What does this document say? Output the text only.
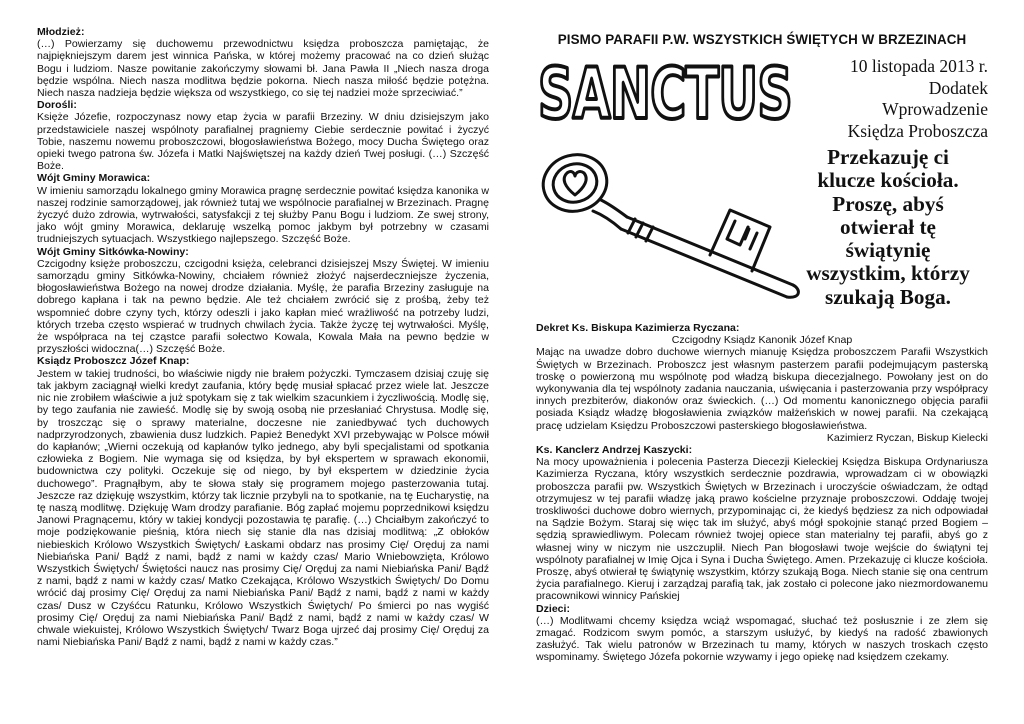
Młodzież:

(…) Powierzamy się duchowemu przewodnictwu księdza proboszcza pamiętając, że najpiękniejszym darem jest winnica Pańska, w której możemy pracować na co dzień służąc Bogu i ludziom. Nasze powitanie zakończymy słowami bł. Jana Pawła II „Niech nasza droga będzie wspólna. Niech nasza modlitwa będzie pokorna. Niech nasza miłość będzie potężna. Niech nasza nadzieja będzie większa od wszystkiego, co się tej nadziei może sprzeciwiać.”

Dorośli:

Księże Józefie, rozpoczynasz nowy etap życia w parafii Brzeziny. W dniu dzisiejszym jako przedstawiciele naszej wspólnoty parafialnej pragniemy Ciebie serdecznie powitać i życzyć Tobie, naszemu nowemu proboszczowi, błogosławieństwa Bożego, mocy Ducha Świętego oraz opieki twego patrona św. Józefa i Matki Najświętszej na każdy dzień Twej posługi. (…) Szczęść Boże.

Wójt Gminy Morawica:

W imieniu samorządu lokalnego gminy Morawica pragnę serdecznie powitać księdza kanonika w naszej rodzinie samorządowej, jak również tutaj we wspólnocie parafialnej w Brzezinach. Pragnę życzyć dużo zdrowia, wytrwałości, satysfakcji z tej służby Panu Bogu i ludziom. Ze swej strony, jako wójt gminy Morawica, deklaruję wszelką pomoc jakbym był potrzebny w czasami trudniejszych sytuacjach. Wszystkiego najlepszego. Szczęść Boże.

Wójt Gminy Sitkówka-Nowiny:

Czcigodny księże proboszczu, czcigodni księża, celebranci dzisiejszej Mszy Świętej. W imieniu samorządu gminy Sitkówka-Nowiny, chciałem również złożyć najserdeczniejsze życzenia, błogosławieństwa Bożego na nowej drodze działania. Myślę, że parafia Brzeziny zasługuje na dobrego kapłana i tak na pewno będzie. Ale też chciałem zwrócić się z prośbą, żeby też wspomnieć dobre czyny tych, którzy odeszli i jako kapłan mieć wrażliwość na potrzeby ludzi, których trzeba często wspierać w trudnych chwilach życia. Także życzę tej wytrwałości. Myślę, że współpraca na tej cząstce parafii sołectwo Kowala, Kowala Mała na pewno będzie w przyszłości widoczna(…) Szczęść Boże.

Ksiądz Proboszcz Józef Knap:

Jestem w takiej trudności, bo właściwie nigdy nie brałem pożyczki. Tymczasem dzisiaj czuję się tak jakbym zaciągnął wielki kredyt zaufania, który będę musiał spłacać przez wiele lat. Jeszcze nic nie zrobiłem właściwie a już spotykam się z tak wielkim szacunkiem i życzliwością. Modlę się, by tego zaufania nie zawieść. Modlę się by swoją osobą nie przesłaniać Chrystusa. Modlę się, by troszcząc się o sprawy materialne, doczesne nie zaniedbywać tych duchowych nadprzyrodzonych, zbawienia dusz ludzkich. Papież Benedykt XVI przebywając w Polsce mówił do kapłanów; „Wierni oczekują od kapłanów tylko jednego, aby byli specjalistami od spotkania człowieka z Bogiem. Nie wymaga się od księdza, by był ekspertem w sprawach ekonomii, budownictwa czy polityki. Oczekuje się od niego, by był ekspertem w dziedzinie życia duchowego”. Pragnąłbym, aby te słowa stały się programem mojego pasterzowania tutaj. Jeszcze raz dziękuję wszystkim, którzy tak licznie przybyli na to spotkanie, na tę Eucharystię, na tę naszą modlitwę. Dziękuję Wam drodzy parafianie. Bóg zapłać mojemu poprzednikowi księdzu Janowi Pragnącemu, który w takiej kondycji pozostawia tę parafię. (…) Chciałbym zakończyć to moje podziękowanie pieśnią, która niech się stanie dla nas dzisiaj modlitwą: „Z obłoków niebieskich Królowo Wszystkich Świętych/ Łaskami obdarz nas prosimy Cię/ Oręduj za nami Niebiańska Pani/ Bądź z nami, bądź z nami w każdy czas/ Mario Wniebowzięta, Królowo Wszystkich Świętych/ Świętości naucz nas prosimy Cię/ Oręduj za nami Niebiańska Pani/ Bądź z nami, bądź z nami w każdy czas/ Matko Czekająca, Królowo Wszystkich Świętych/ Do Domu wrócić daj prosimy Cię/ Oręduj za nami Niebiańska Pani/ Bądź z nami, bądź z nami w każdy czas/ Dusz w Czyśćcu Ratunku, Królowo Wszystkich Świętych/ Po śmierci po nas wygiść prosimy Cię/ Oręduj za nami Niebiańska Pani/ Bądź z nami, bądź z nami w każdy czas/ W chwale wiekuistej, Królowo Wszystkich Świętych/ Twarz Boga ujrzeć daj prosimy Cię/ Oręduj za nami Niebiańska Pani/ Bądź z nami, bądź z nami w każdy czas.”

PISMO PARAFII P.W. WSZYSTKICH ŚWIĘTYCH W BRZEZINACH

SANCTUS	10 listopada 2013 r.
Dodatek
Wprowadzenie
Księdza Proboszcza
Przekazuję ci klucze kościoła. Proszę, abyś otwierał tę świątynię wszystkim, którzy szukają Boga.

Dekret Ks. Biskupa Kazimierza Ryczana:

Czcigodny Ksiądz Kanonik Józef Knap

Mając na uwadze dobro duchowe wiernych mianuję Księdza proboszczem Parafii Wszystkich Świętych w Brzezinach. Proboszcz jest własnym pasterzem parafii podejmującym pasterską troskę o powierzoną mu wspólnotę pod władzą biskupa diecezjalnego. Powołany jest on do wykonywania dla tej wspólnoty zadania nauczania, uświęcania i pasterzowania przy współpracy innych prezbiterów, diakonów oraz świeckich. (…) Od momentu kanonicznego objęcia parafii posiada Ksiądz władzę błogosławienia związków małżeńskich w nowej parafii. Na czekającą pracę udzielam Księdzu Proboszczowi pasterskiego błogosławieństwa.

Kazimierz Ryczan, Biskup Kielecki

Ks. Kanclerz Andrzej Kaszycki:

Na mocy upoważnienia i polecenia Pasterza Diecezji Kieleckiej Księdza Biskupa Ordynariusza Kazimierza Ryczana, który wszystkich serdecznie pozdrawia, wprowadzam ci w obowiązki proboszcza parafii pw. Wszystkich Świętych w Brzezinach i uroczyście oświadczam, że odtąd otrzymujesz w tej parafii władzę jaką prawo kościelne przyznaje proboszczowi. Oddaję twojej troskliwości duchowe dobro wiernych, przypominając ci, że kiedyś będziesz za nich odpowiadał na Sądzie Bożym. Staraj się więc tak im służyć, abyś mógł spokojnie stanąć przed Bogiem – sędzią sprawiedliwym. Polecam również twojej opiece stan materialny tej parafii, abyś go z własnej winy w niczym nie uszczuplił. Niech Pan błogosławi twoje wejście do świątyni tej wspólnoty parafialnej w Imię Ojca i Syna i Ducha Świętego. Amen. Przekazuję ci klucze kościoła. Proszę, abyś otwierał tę świątynię wszystkim, którzy szukają Boga. Niech stanie się ona centrum życia parafialnego. Kieruj i zarządzaj parafią tak, jak zostało ci polecone jako niezmordowanemu pracownikowi winnicy Pańskiej

Dzieci:

(…) Modlitwami chcemy księdza wciąż wspomagać, słuchać też posłusznie i ze złem się zmagać. Rodzicom swym pomóc, a starszym usłużyć, by kiedyś na radość zbawionych zasłużyć. Tak wielu patronów w Brzezinach tu mamy, których w naszych troskach często wspominamy. Świętego Józefa pokornie wzywamy i jego opiekę nad księdzem czekamy.
